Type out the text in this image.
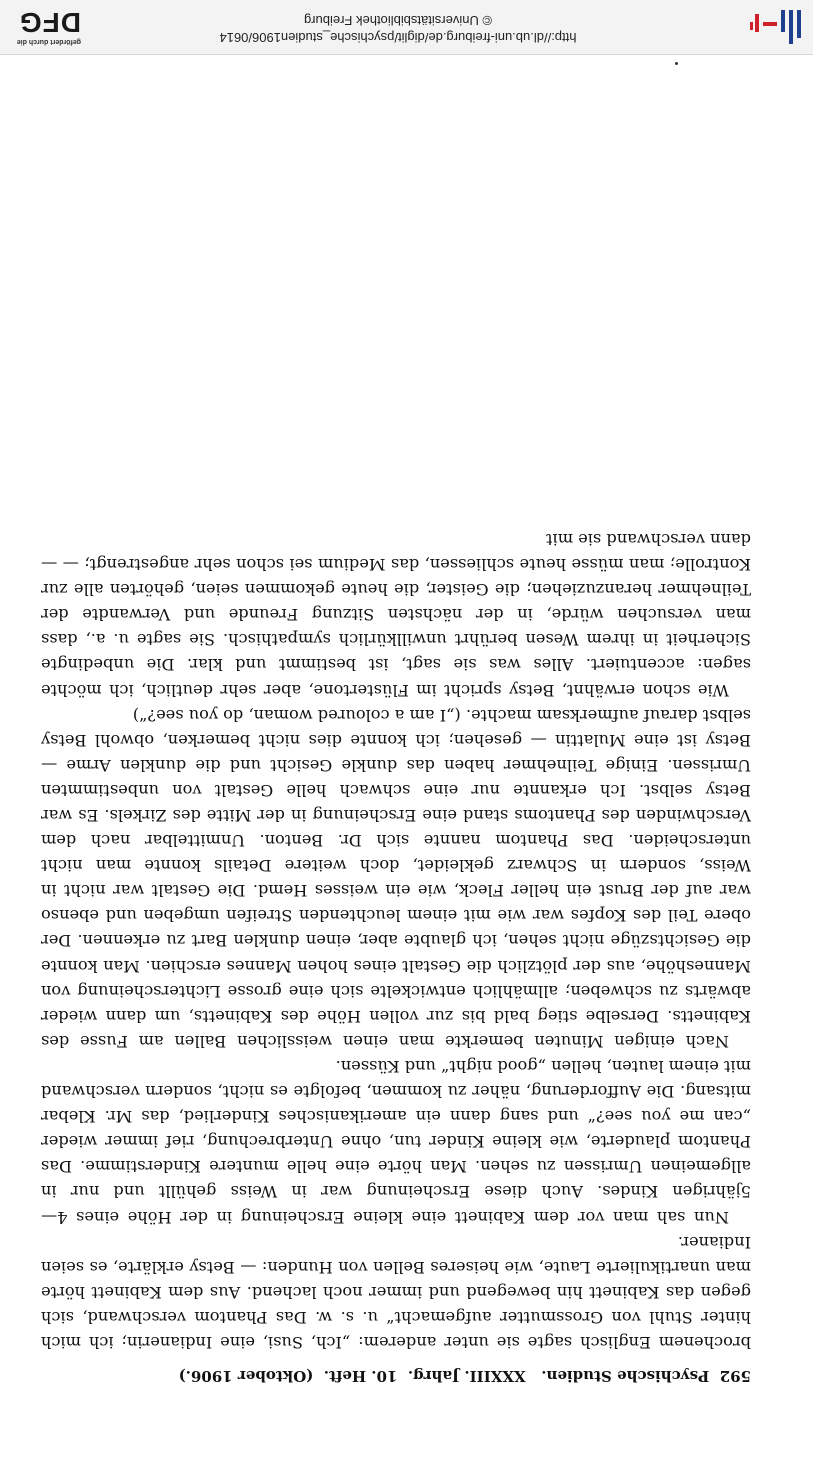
592  Psychische Studien.   XXXIII. Jahrg.  10. Heft.  (Oktober 1906.)

brochenem Englisch sagte sie unter anderem: „Ich, Susi, eine Indianerin; ich mich hinter Stuhl von Grossmutter aufgemacht“ u. s. w. Das Phantom verschwand, sich gegen das Kabinett hin bewegend und immer noch lachend. Aus dem Kabinett hörte man unartikulierte Laute, wie heiseres Bellen von Hunden: — Betsy erklärte, es seien Indianer.

Nun sah man vor dem Kabinett eine kleine Erscheinung in der Höhe eines 4—5jährigen Kindes. Auch diese Erscheinung war in Weiss gehüllt und nur in allgemeinen Umrissen zu sehen. Man hörte eine helle muntere Kinderstimme. Das Phantom plauderte, wie kleine Kinder tun, ohne Unterbrechung, rief immer wieder „can me you see?“ und sang dann ein amerikanisches Kinderlied, das Mr. Klebar mitsang. Die Aufforderung, näher zu kommen, befolgte es nicht, sondern verschwand mit einem lauten, hellen „good night“ und Küssen.

Nach einigen Minuten bemerkte man einen weisslichen Ballen am Fusse des Kabinetts. Derselbe stieg bald bis zur vollen Höhe des Kabinetts, um dann wieder abwärts zu schweben; allmählich entwickelte sich eine grosse Lichterscheinung von Manneshöhe, aus der plötzlich die Gestalt eines hohen Mannes erschien. Man konnte die Gesichtszüge nicht sehen, ich glaubte aber, einen dunklen Bart zu erkennen. Der obere Teil des Kopfes war wie mit einem leuchtenden Streifen umgeben und ebenso war auf der Brust ein heller Fleck, wie ein weisses Hemd. Die Gestalt war nicht in Weiss, sondern in Schwarz gekleidet, doch weitere Details konnte man nicht unterscheiden. Das Phantom nannte sich Dr. Benton. Unmittelbar nach dem Verschwinden des Phantoms stand eine Erscheinung in der Mitte des Zirkels. Es war Betsy selbst. Ich erkannte nur eine schwach helle Gestalt von unbestimmten Umrissen. Einige Teilnehmer haben das dunkle Gesicht und die dunklen Arme — Betsy ist eine Mulattin — gesehen; ich konnte dies nicht bemerken, obwohl Betsy selbst darauf aufmerksam machte. („I am a coloured woman, do you see?“)

Wie schon erwähnt, Betsy spricht im Flüstertone, aber sehr deutlich, ich möchte sagen: accentuiert. Alles was sie sagt, ist bestimmt und klar. Die unbedingte Sicherheit in ihrem Wesen berührt unwillkürlich sympathisch. Sie sagte u. a., dass man versuchen würde, in der nächsten Sitzung Freunde und Verwandte der Teilnehmer heranzuziehen; die Geister, die heute gekommen seien, gehörten alle zur Kontrolle; man müsse heute schliessen, das Medium sei schon sehr angestrengt; — — dann verschwand sie mit

http://dl.ub.uni-freiburg.de/diglit/psychische_studien1906/0614
© Universitätsbibliothek Freiburg
gefördert durch die
DFG
